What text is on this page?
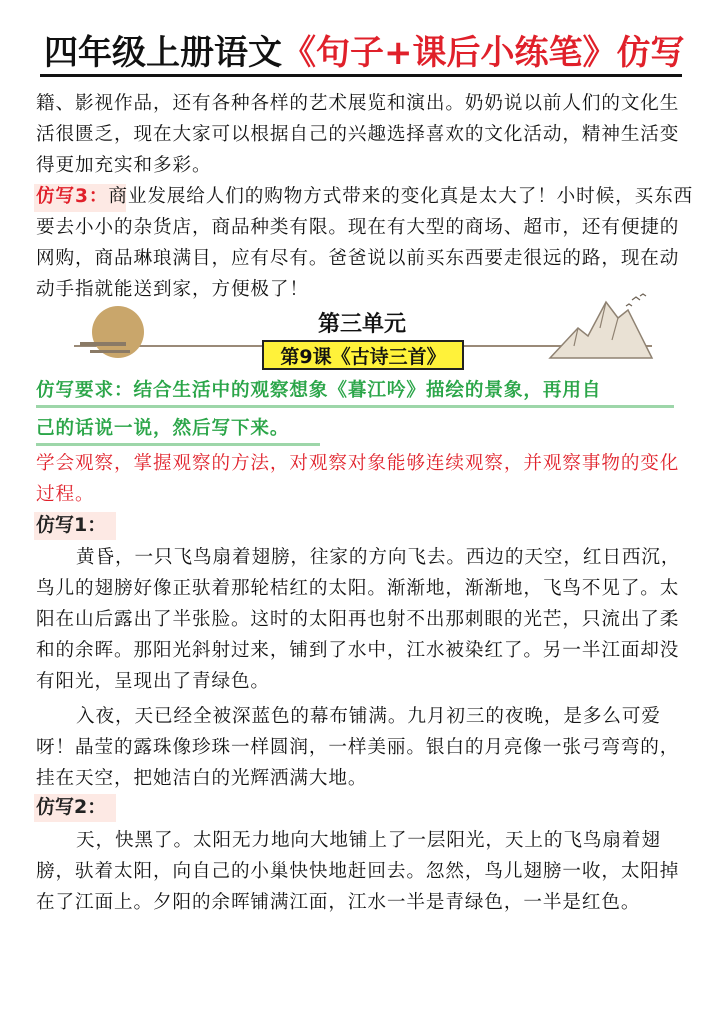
四年级上册语文《句子+课后小练笔》仿写

籍、影视作品，还有各种各样的艺术展览和演出。奶奶说以前人们的文化生活很匮乏，现在大家可以根据自己的兴趣选择喜欢的文化活动，精神生活变得更加充实和多彩。

仿写3：商业发展给人们的购物方式带来的变化真是太大了！小时候，买东西要去小小的杂货店，商品种类有限。现在有大型的商场、超市，还有便捷的网购，商品琳琅满目，应有尽有。爸爸说以前买东西要走很远的路，现在动动手指就能送到家，方便极了！

第三单元
第9课《古诗三首》

仿写要求：结合生活中的观察想象《暮江吟》描绘的景象，再用自

己的话说一说，然后写下来。

学会观察，掌握观察的方法，对观察对象能够连续观察，并观察事物的变化过程。

仿写1：

黄昏，一只飞鸟扇着翅膀，往家的方向飞去。西边的天空，红日西沉，鸟儿的翅膀好像正驮着那轮桔红的太阳。渐渐地，渐渐地，飞鸟不见了。太阳在山后露出了半张脸。这时的太阳再也射不出那刺眼的光芒，只流出了柔和的余晖。那阳光斜射过来，铺到了水中，江水被染红了。另一半江面却没有阳光，呈现出了青绿色。

入夜，天已经全被深蓝色的幕布铺满。九月初三的夜晚，是多么可爱呀！晶莹的露珠像珍珠一样圆润，一样美丽。银白的月亮像一张弓弯弯的，挂在天空，把她洁白的光辉洒满大地。

仿写2：

天，快黑了。太阳无力地向大地铺上了一层阳光，天上的飞鸟扇着翅膀，驮着太阳，向自己的小巢快快地赶回去。忽然，鸟儿翅膀一收，太阳掉在了江面上。夕阳的余晖铺满江面，江水一半是青绿色，一半是红色。
